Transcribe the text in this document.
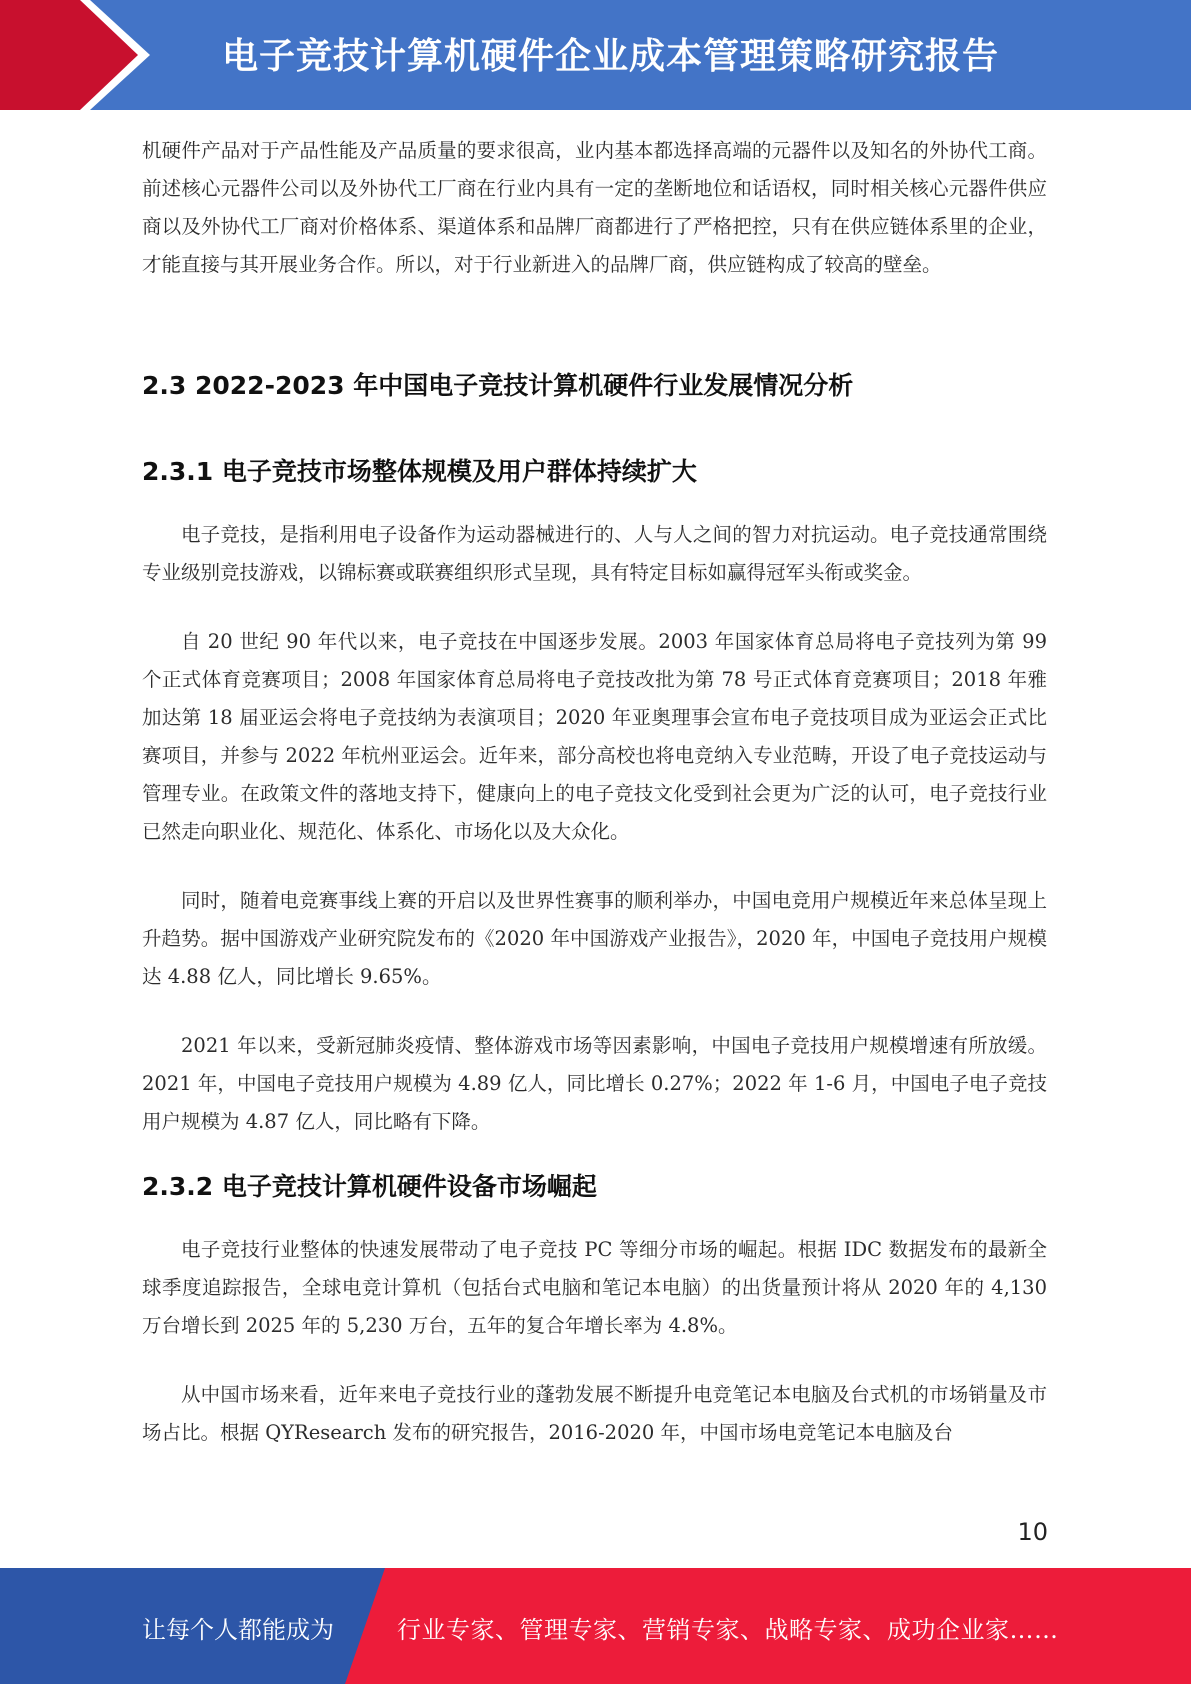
电子竞技计算机硬件企业成本管理策略研究报告

机硬件产品对于产品性能及产品质量的要求很高，业内基本都选择高端的元器件以及知名的外协代工商。前述核心元器件公司以及外协代工厂商在行业内具有一定的垄断地位和话语权，同时相关核心元器件供应商以及外协代工厂商对价格体系、渠道体系和品牌厂商都进行了严格把控，只有在供应链体系里的企业，才能直接与其开展业务合作。所以，对于行业新进入的品牌厂商，供应链构成了较高的壁垒。

2.3 2022-2023 年中国电子竞技计算机硬件行业发展情况分析
2.3.1 电子竞技市场整体规模及用户群体持续扩大

电子竞技，是指利用电子设备作为运动器械进行的、人与人之间的智力对抗运动。电子竞技通常围绕专业级别竞技游戏，以锦标赛或联赛组织形式呈现，具有特定目标如赢得冠军头衔或奖金。

自 20 世纪 90 年代以来，电子竞技在中国逐步发展。2003 年国家体育总局将电子竞技列为第 99 个正式体育竞赛项目；2008 年国家体育总局将电子竞技改批为第 78 号正式体育竞赛项目；2018 年雅加达第 18 届亚运会将电子竞技纳为表演项目；2020 年亚奥理事会宣布电子竞技项目成为亚运会正式比赛项目，并参与 2022 年杭州亚运会。近年来，部分高校也将电竞纳入专业范畴，开设了电子竞技运动与管理专业。在政策文件的落地支持下，健康向上的电子竞技文化受到社会更为广泛的认可，电子竞技行业已然走向职业化、规范化、体系化、市场化以及大众化。

同时，随着电竞赛事线上赛的开启以及世界性赛事的顺利举办，中国电竞用户规模近年来总体呈现上升趋势。据中国游戏产业研究院发布的《2020 年中国游戏产业报告》，2020 年，中国电子竞技用户规模达 4.88 亿人，同比增长 9.65%。

2021 年以来，受新冠肺炎疫情、整体游戏市场等因素影响，中国电子竞技用户规模增速有所放缓。2021 年，中国电子竞技用户规模为 4.89 亿人，同比增长 0.27%；2022 年 1-6 月，中国电子电子竞技用户规模为 4.87 亿人，同比略有下降。

2.3.2 电子竞技计算机硬件设备市场崛起

电子竞技行业整体的快速发展带动了电子竞技 PC 等细分市场的崛起。根据 IDC 数据发布的最新全球季度追踪报告，全球电竞计算机（包括台式电脑和笔记本电脑）的出货量预计将从 2020 年的 4,130 万台增长到 2025 年的 5,230 万台，五年的复合年增长率为 4.8%。

从中国市场来看，近年来电子竞技行业的蓬勃发展不断提升电竞笔记本电脑及台式机的市场销量及市场占比。根据 QYResearch 发布的研究报告，2016-2020 年，中国市场电竞笔记本电脑及台

10
让每个人都能成为	行业专家、管理专家、营销专家、战略专家、成功企业家……
